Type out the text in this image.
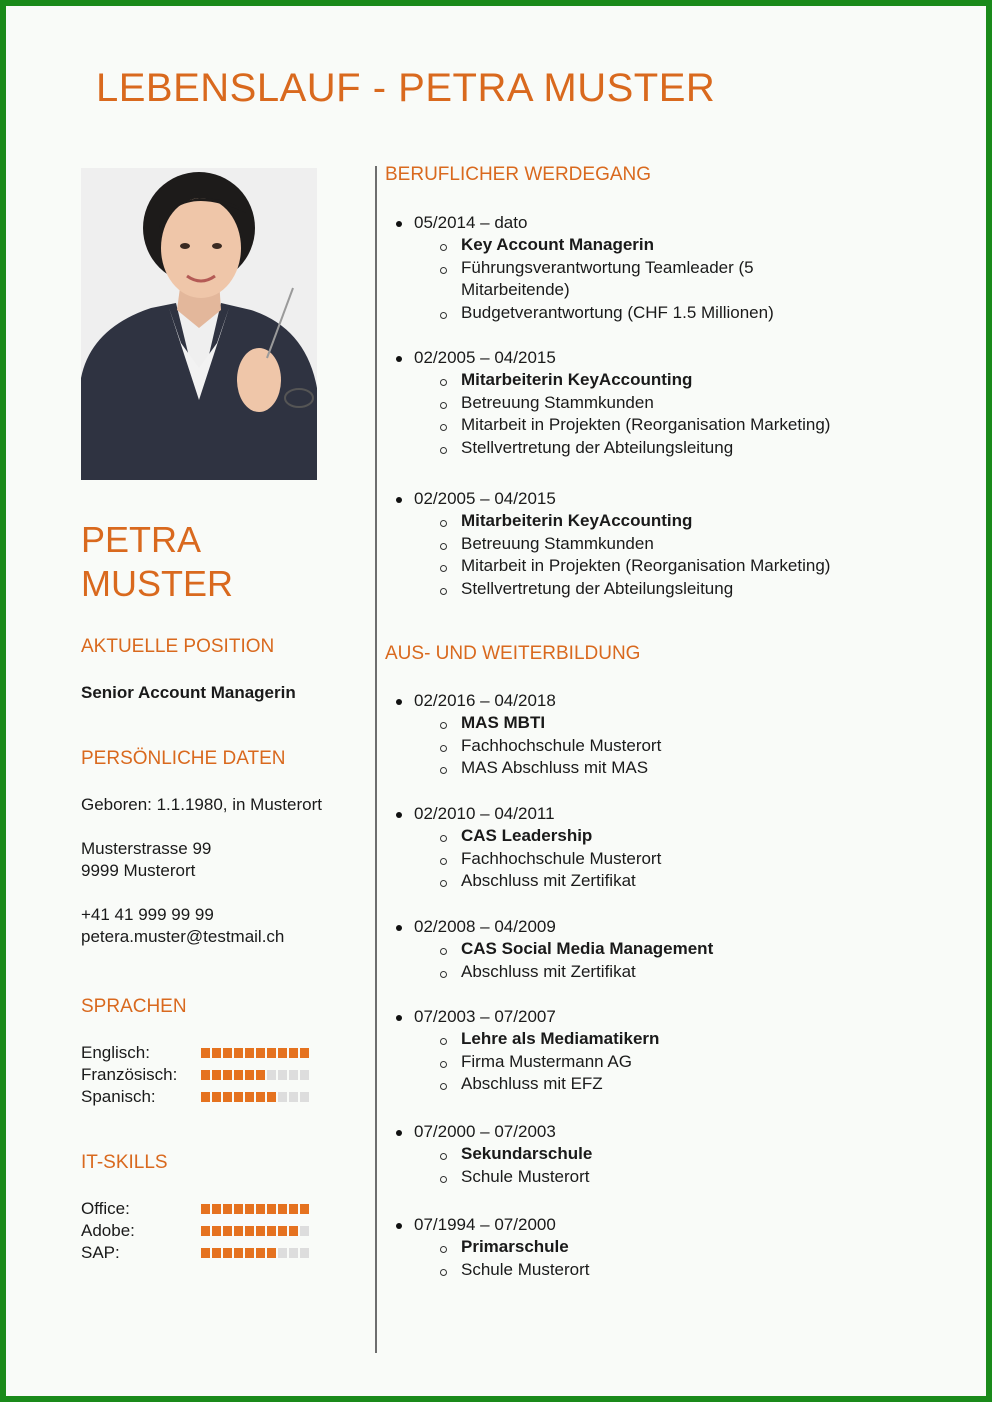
LEBENSLAUF - PETRA MUSTER
PETRA
MUSTER
AKTUELLE POSITION
Senior Account Managerin
PERSÖNLICHE DATEN
Geboren: 1.1.1980, in Musterort
Musterstrasse 99
9999 Musterort
+41 41 999 99 99
petera.muster@testmail.ch
SPRACHEN
Englisch:
Französisch:
Spanisch:
IT-SKILLS
Office:
Adobe:
SAP:
BERUFLICHER WERDEGANG
05/2014 – dato
Key Account Managerin
Führungsverantwortung Teamleader (5 Mitarbeitende)
Budgetverantwortung (CHF 1.5 Millionen)
02/2005 – 04/2015
Mitarbeiterin KeyAccounting
Betreuung Stammkunden
Mitarbeit in Projekten (Reorganisation Marketing)
Stellvertretung der Abteilungsleitung
02/2005 – 04/2015
Mitarbeiterin KeyAccounting
Betreuung Stammkunden
Mitarbeit in Projekten (Reorganisation Marketing)
Stellvertretung der Abteilungsleitung
AUS- UND WEITERBILDUNG
02/2016 – 04/2018
MAS MBTI
Fachhochschule Musterort
MAS Abschluss mit MAS
02/2010 – 04/2011
CAS Leadership
Fachhochschule Musterort
Abschluss mit Zertifikat
02/2008 – 04/2009
CAS Social Media Management
Abschluss mit Zertifikat
07/2003 – 07/2007
Lehre als Mediamatikern
Firma Mustermann AG
Abschluss mit EFZ
07/2000 – 07/2003
Sekundarschule
Schule Musterort
07/1994 – 07/2000
Primarschule
Schule Musterort
